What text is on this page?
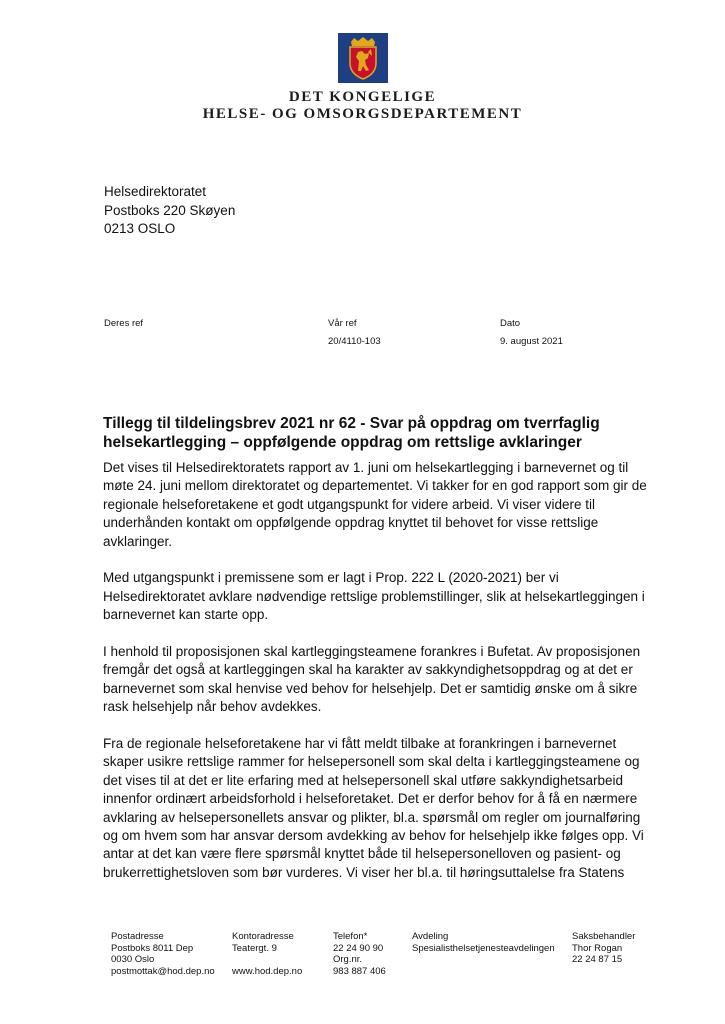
DET KONGELIGE
HELSE- OG OMSORGSDEPARTEMENT
Helsedirektoratet
Postboks 220 Skøyen
0213 OSLO
Deres ref	Vår ref
20/4110-103
Dato
9. august 2021
Tillegg til tildelingsbrev 2021 nr 62 - Svar på oppdrag om tverrfaglig helsekartlegging – oppfølgende oppdrag om rettslige avklaringer

Det vises til Helsedirektoratets rapport av 1. juni om helsekartlegging i barnevernet og til møte 24. juni mellom direktoratet og departementet. Vi takker for en god rapport som gir de regionale helseforetakene et godt utgangspunkt for videre arbeid. Vi viser videre til underhånden kontakt om oppfølgende oppdrag knyttet til behovet for visse rettslige avklaringer.

Med utgangspunkt i premissene som er lagt i Prop. 222 L (2020-2021) ber vi Helsedirektoratet avklare nødvendige rettslige problemstillinger, slik at helsekartleggingen i barnevernet kan starte opp.

I henhold til proposisjonen skal kartleggingsteamene forankres i Bufetat. Av proposisjonen fremgår det også at kartleggingen skal ha karakter av sakkyndighetsoppdrag og at det er barnevernet som skal henvise ved behov for helsehjelp. Det er samtidig ønske om å sikre rask helsehjelp når behov avdekkes.

Fra de regionale helseforetakene har vi fått meldt tilbake at forankringen i barnevernet skaper usikre rettslige rammer for helsepersonell som skal delta i kartleggingsteamene og det vises til at det er lite erfaring med at helsepersonell skal utføre sakkyndighetsarbeid innenfor ordinært arbeidsforhold i helseforetaket. Det er derfor behov for å få en nærmere avklaring av helsepersonellets ansvar og plikter, bl.a. spørsmål om regler om journalføring og om hvem som har ansvar dersom avdekking av behov for helsehjelp ikke følges opp. Vi antar at det kan være flere spørsmål knyttet både til helsepersonelloven og pasient- og brukerrettighetsloven som bør vurderes. Vi viser her bl.a. til høringsuttalelse fra Statens

Postadresse
Postboks 8011 Dep
0030 Oslo
postmottak@hod.dep.no
Kontoradresse
Teatergt. 9

www.hod.dep.no
Telefon*
22 24 90 90
Org.nr.
983 887 406
Avdeling
Spesialisthelsetjenesteavdelingen
Saksbehandler
Thor Rogan
22 24 87 15
